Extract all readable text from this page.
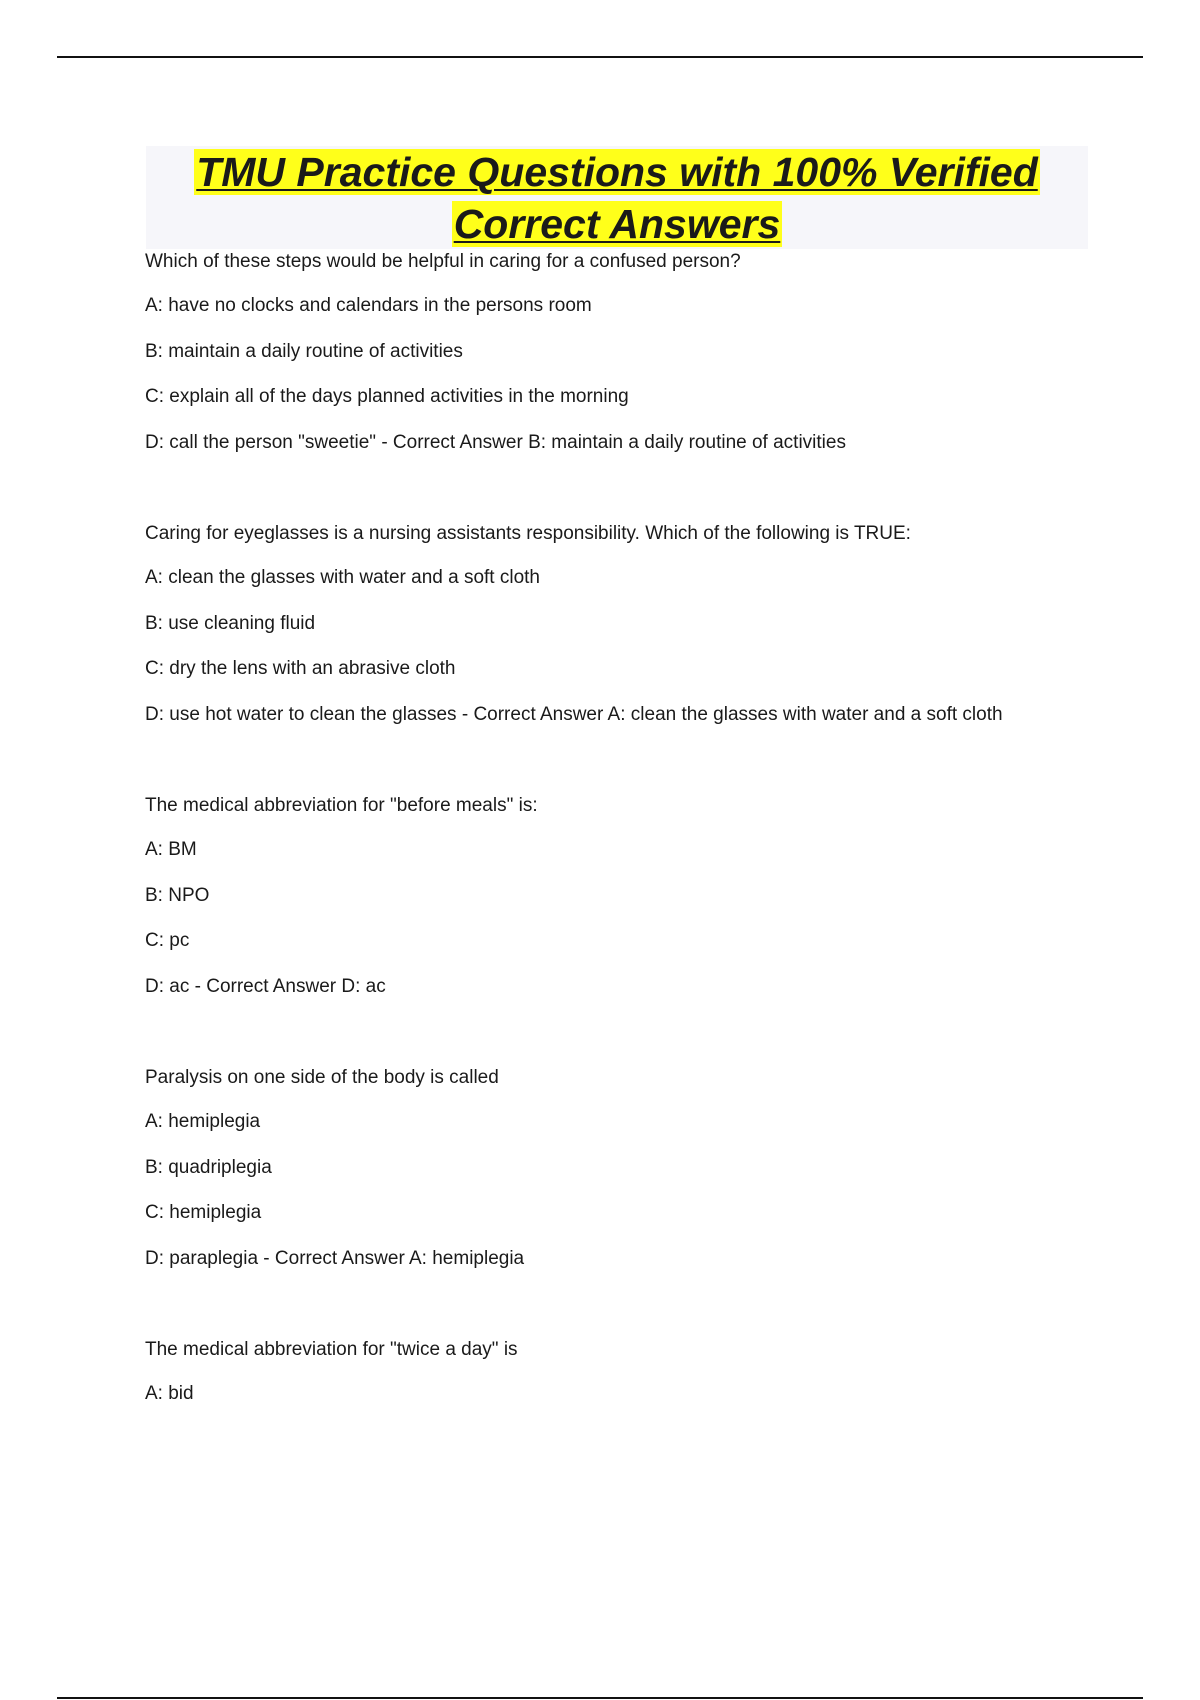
TMU Practice Questions with 100% Verified

Correct Answers

Which of these steps would be helpful in caring for a confused person?
A: have no clocks and calendars in the persons room
B: maintain a daily routine of activities
C: explain all of the days planned activities in the morning
D: call the person "sweetie" - Correct Answer B: maintain a daily routine of activities
Caring for eyeglasses is a nursing assistants responsibility. Which of the following is TRUE:
A: clean the glasses with water and a soft cloth
B: use cleaning fluid
C: dry the lens with an abrasive cloth
D: use hot water to clean the glasses - Correct Answer A: clean the glasses with water and a soft cloth
The medical abbreviation for "before meals" is:
A: BM
B: NPO
C: pc
D: ac - Correct Answer D: ac
Paralysis on one side of the body is called
A: hemiplegia
B: quadriplegia
C: hemiplegia
D: paraplegia - Correct Answer A: hemiplegia
The medical abbreviation for "twice a day" is
A: bid
